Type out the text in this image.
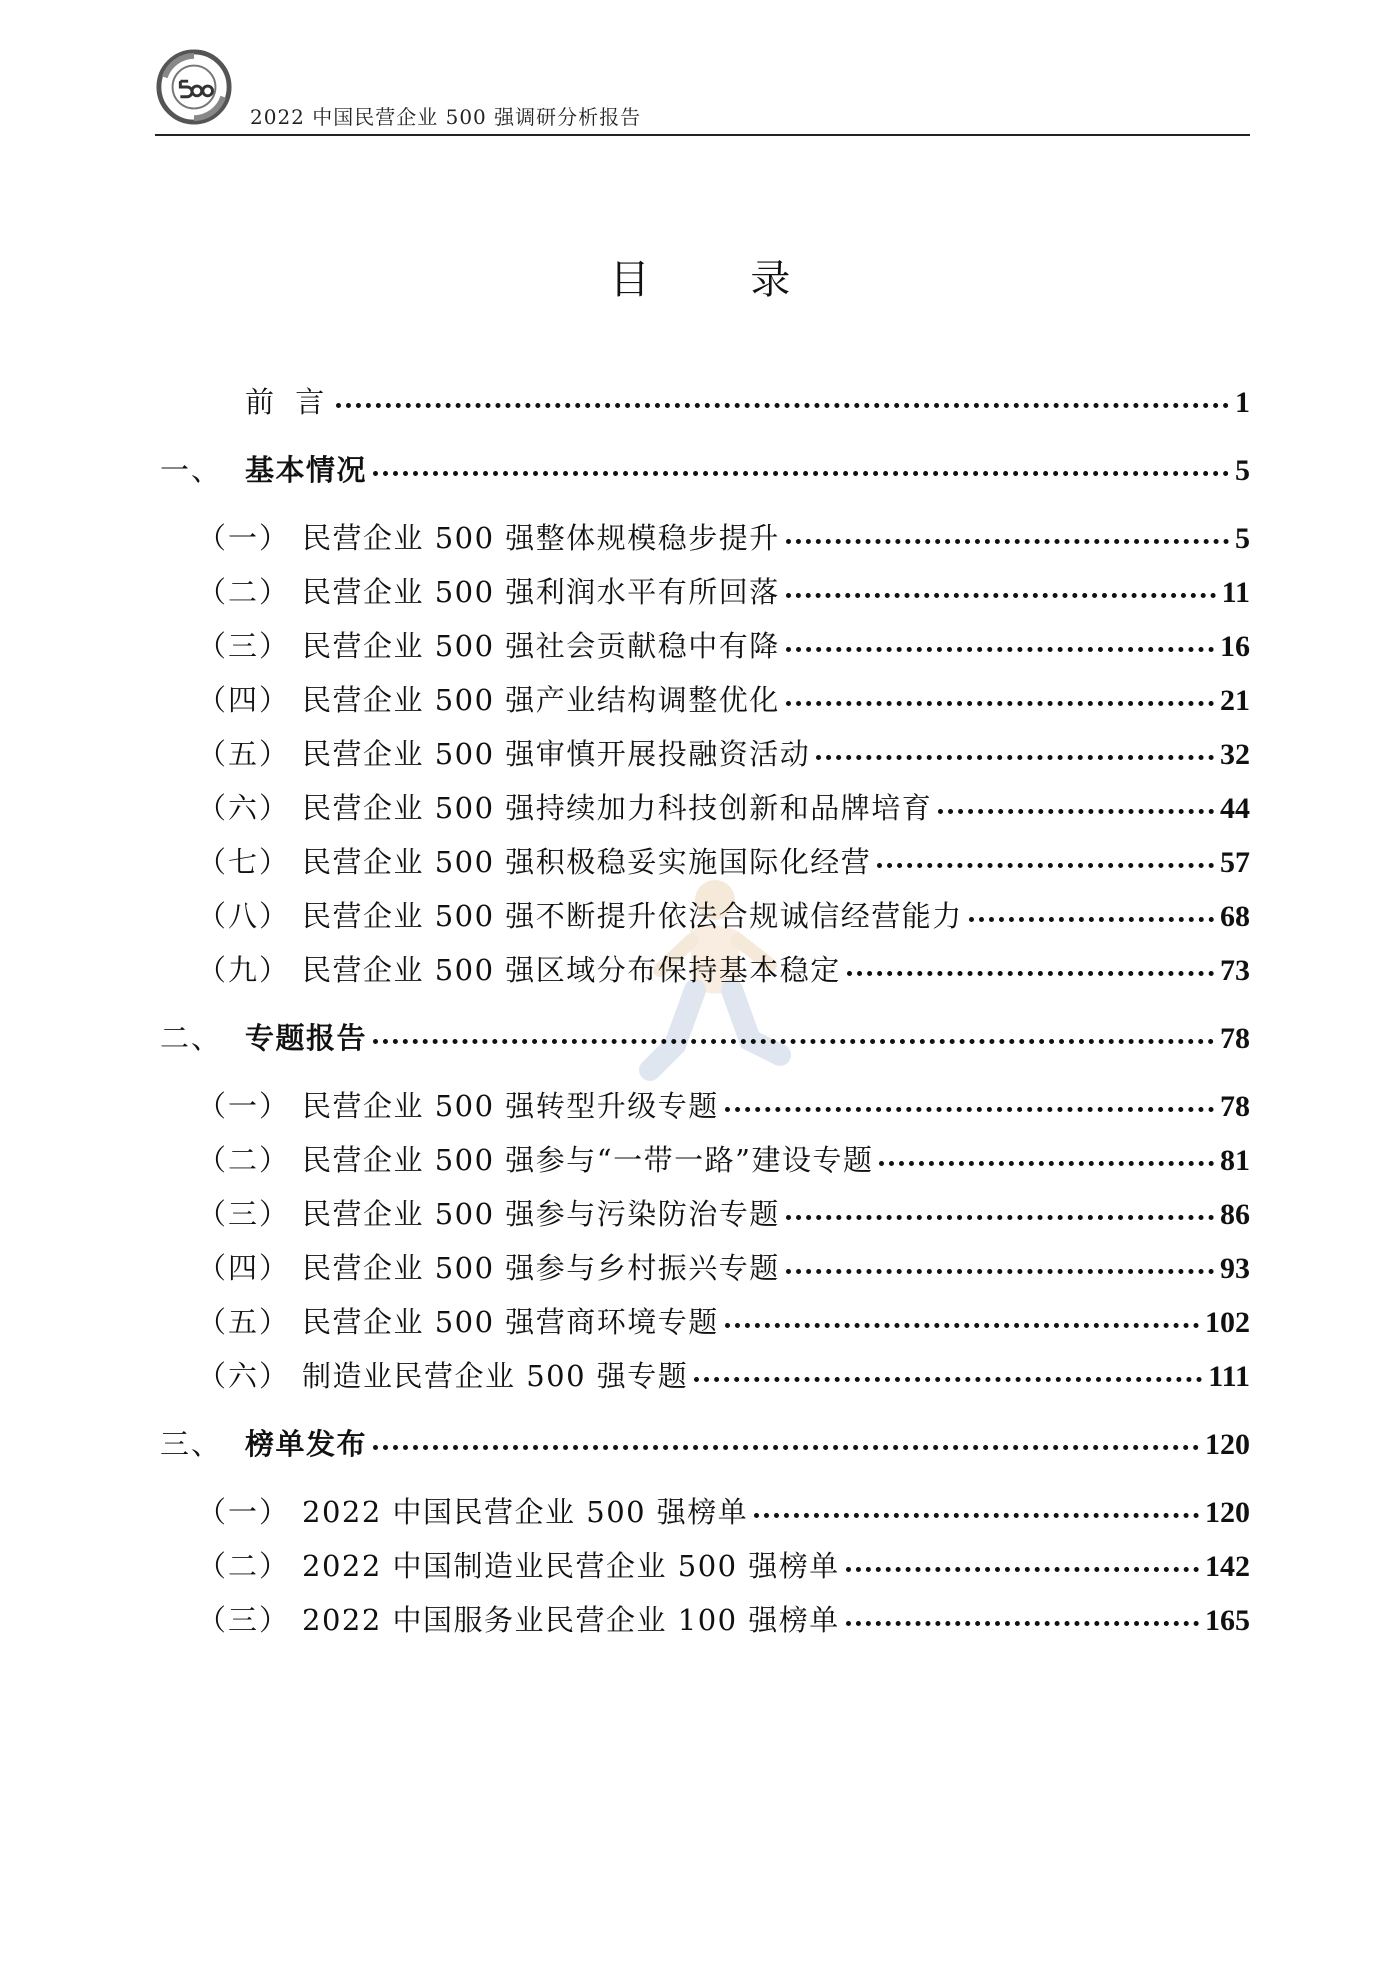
2022 中国民营企业 500 强调研分析报告
目 录
前 言	1
一、 基本情况	5
（一） 民营企业 500 强整体规模稳步提升	5
（二） 民营企业 500 强利润水平有所回落	11
（三） 民营企业 500 强社会贡献稳中有降	16
（四） 民营企业 500 强产业结构调整优化	21
（五） 民营企业 500 强审慎开展投融资活动	32
（六） 民营企业 500 强持续加力科技创新和品牌培育	44
（七） 民营企业 500 强积极稳妥实施国际化经营	57
（八） 民营企业 500 强不断提升依法合规诚信经营能力	68
（九） 民营企业 500 强区域分布保持基本稳定	73
二、 专题报告	78
（一） 民营企业 500 强转型升级专题	78
（二） 民营企业 500 强参与“一带一路”建设专题	81
（三） 民营企业 500 强参与污染防治专题	86
（四） 民营企业 500 强参与乡村振兴专题	93
（五） 民营企业 500 强营商环境专题	102
（六） 制造业民营企业 500 强专题	111
三、 榜单发布	120
（一） 2022 中国民营企业 500 强榜单	120
（二） 2022 中国制造业民营企业 500 强榜单	142
（三） 2022 中国服务业民营企业 100 强榜单	165
